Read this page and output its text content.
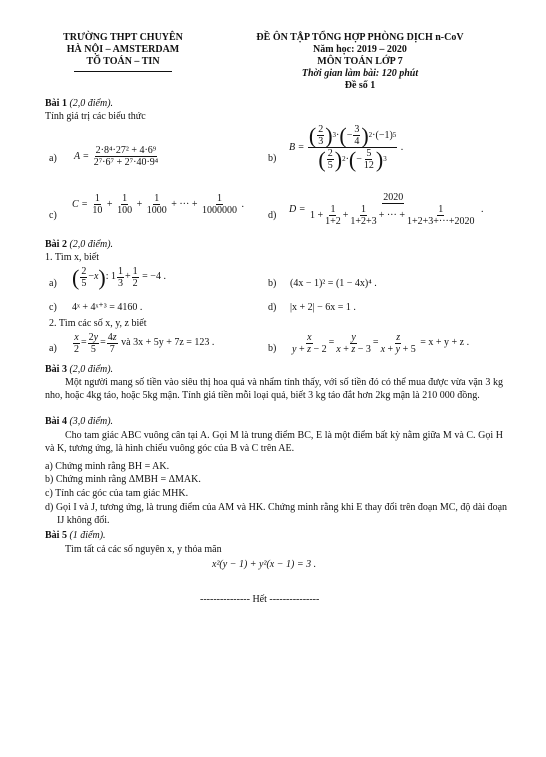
TRƯỜNG THPT CHUYÊN
HÀ NỘI – AMSTERDAM
TỔ TOÁN – TIN
ĐỀ ÔN TẬP TỔNG HỢP PHÒNG DỊCH n-CoV
Năm học: 2019 – 2020
MÔN TOÁN LỚP 7
Thời gian làm bài: 120 phút
Đề số 1
Bài 1 (2,0 điểm).
Tính giá trị các biểu thức
a) $A = \frac{\text{2·8⁴·27² + 4·6⁹}}{\text{2⁷·6⁷ + 2⁷·40·9⁴}}$	b)
$B = \frac{( \frac{2}{3} ) 3 \cdot ( - \frac{3}{4} ) 2 \cdot(-1) 5}{( \frac{2}{5} ) 2 \cdot ( - \frac{5}{12} ) 3}$ .
c)
$C = \frac{1}{10} + \frac{1}{100} + \frac{1}{1000}$ + ··· + $\frac{1}{1000000}$ .
d)
D =
2020
$1 + \frac{1}{1+2} + \frac{1}{1+2+3}$ + ··· + $\frac{1}{1+2+3+\cdot\cdot\cdot+2020}$ .
Bài 2 (2,0 điểm).
1. Tìm x, biết
a) ( $\frac{2}{5} - x$ ) : $1 \frac{1}{3} + \frac{1}{2}$
= −4 .
b) (4x − 1)² = (1 − 4x)⁴ .
c) 4ˣ + 4ˣ⁺³ = 4160 .	d) |x + 2| − 6x = 1 .
2. Tìm các số x, y, z biết
$a) \frac{x}{2} = \frac{2y}{5} = \frac{4z}{7}$
và 3x + 5y + 7z = 123 .
$b) \frac{x}{y + z - 2} = \frac{y}{x + z - 3} = \frac{z}{x + y + 5}$
= x + y + z .
Bài 3 (2,0 điểm).
Một người mang số tiền vào siêu thị hoa quả và nhẩm tính thấy, với số tiền đó có thể mua được vừa vặn 3 kg nho, hoặc 4kg táo, hoặc 5kg mận. Tính giá tiền mỗi loại quả, biết 3 kg táo đắt hơn 2kg mận là 210 000 đồng.
Bài 4 (3,0 điểm).
Cho tam giác ABC vuông cân tại A. Gọi M là trung điểm BC, E là một điểm bất kỳ nằm giữa M và C. Gọi H và K, tương ứng, là hình chiếu vuông góc của B và C trên AE.
a) Chứng minh rằng BH = AK.
b) Chứng minh rằng ΔMBH = ΔMAK.
c) Tính các góc của tam giác MHK.
d) Gọi I và J, tương ứng, là trung điểm của AM và HK. Chứng minh rằng khi E thay đổi trên đoạn MC, độ dài đoạn IJ không đổi.
Bài 5 (1 điểm).
Tìm tất cả các số nguyên x, y thỏa mãn
x²(y − 1) + y²(x − 1) = 3 .
--------------- Hết ---------------
